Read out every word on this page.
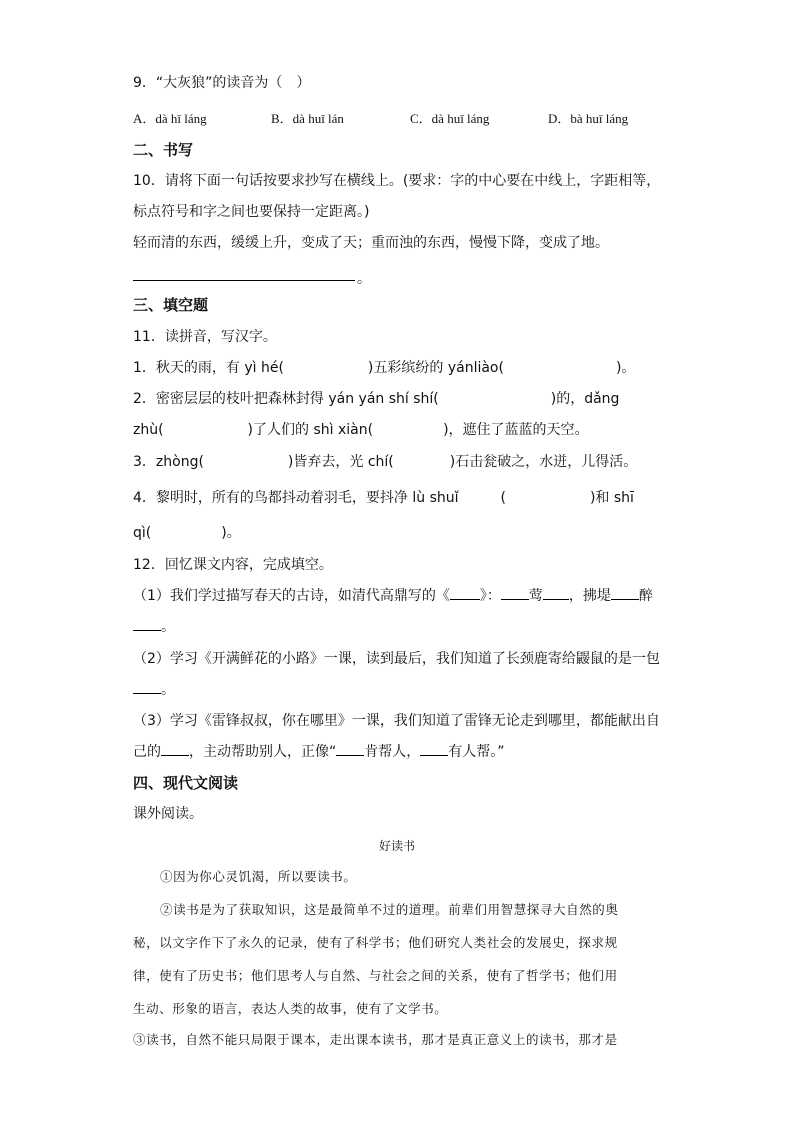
9．“大灰狼”的读音为（　）
A．dà hī láng	B．dà huī lán	C．dà huī láng	D．bà huī láng
二、书写
10．请将下面一句话按要求抄写在横线上。(要求：字的中心要在中线上，字距相等，
标点符号和字之间也要保持一定距离。)
轻而清的东西，缓缓上升，变成了天；重而浊的东西，慢慢下降，变成了地。
。
三、填空题
11．读拼音，写汉字。
1．秋天的雨，有 yì hé(　　　　　　)五彩缤纷的 yánliào(　　　　　　　　)。
2．密密层层的枝叶把森林封得 yán yán shí shí(　　　　　　　　)的，dǎng
zhù(　　　　　　)了人们的 shì xiàn(　　　　　)，遮住了蓝蓝的天空。
3．zhòng(　　　　　　)皆弃去，光 chí(　　　　)石击瓮破之，水迸，儿得活。
4．黎明时，所有的鸟都抖动着羽毛，要抖净 lù shuǐ　　　(　　　　　　)和 shī
qì(　　　　　)。
12．回忆课文内容，完成填空。
（1）我们学过描写春天的古诗，如清代高鼎写的《 》： 莺 ，拂堤 醉
。
（2）学习《开满鲜花的小路》一课，读到最后，我们知道了长颈鹿寄给鼹鼠的是一包
。
（3）学习《雷锋叔叔，你在哪里》一课，我们知道了雷锋无论走到哪里，都能献出自
己的 ，主动帮助别人，正像“ 肯帮人， 有人帮。”
四、现代文阅读
课外阅读。
好读书
①因为你心灵饥渴，所以要读书。
②读书是为了获取知识，这是最简单不过的道理。前辈们用智慧探寻大自然的奥
秘，以文字作下了永久的记录，使有了科学书；他们研究人类社会的发展史，探求规
律，使有了历史书；他们思考人与自然、与社会之间的关系，使有了哲学书；他们用
生动、形象的语言，表达人类的故事，使有了文学书。
③读书，自然不能只局限于课本，走出课本读书，那才是真正意义上的读书，那才是
